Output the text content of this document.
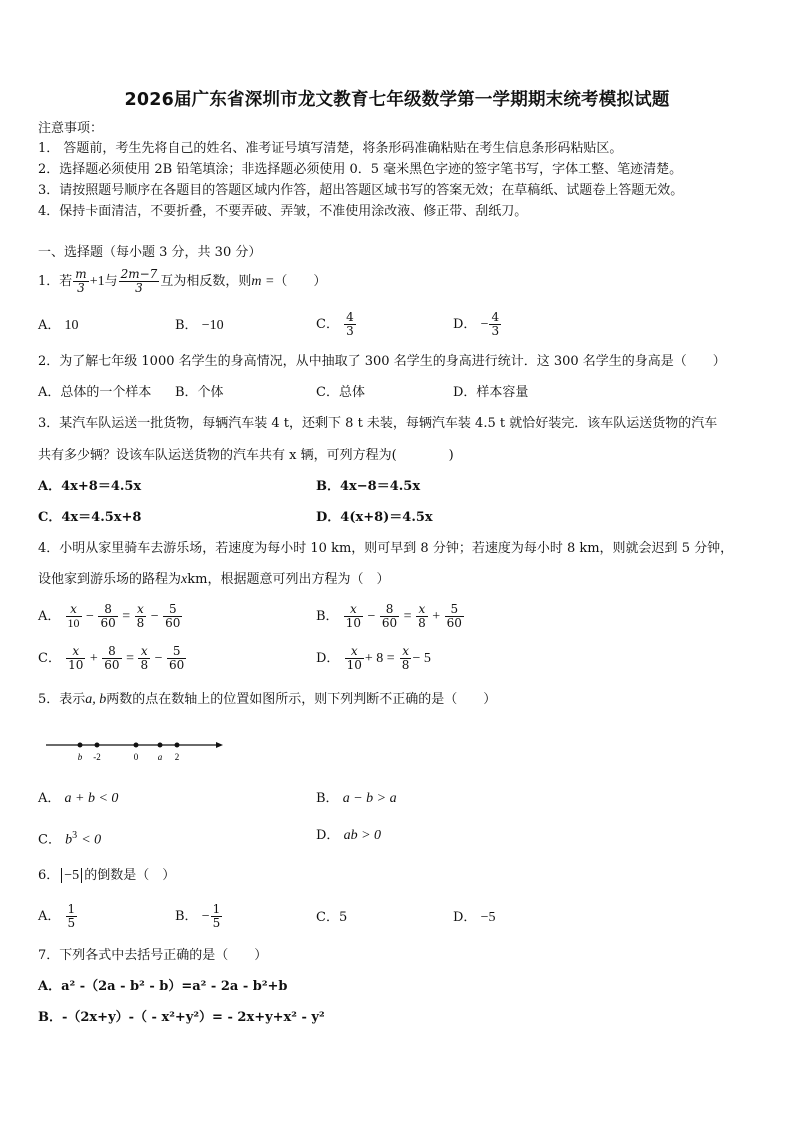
2026届广东省深圳市龙文教育七年级数学第一学期期末统考模拟试题
注意事项：
1． 答题前，考生先将自己的姓名、准考证号填写清楚，将条形码准确粘贴在考生信息条形码粘贴区。
2．选择题必须使用 2B 铅笔填涂；非选择题必须使用 0．5 毫米黑色字迹的签字笔书写，字体工整、笔迹清楚。
3．请按照题号顺序在各题目的答题区域内作答，超出答题区域书写的答案无效；在草稿纸、试题卷上答题无效。
4．保持卡面清洁，不要折叠，不要弄破、弄皱，不准使用涂改液、修正带、刮纸刀。
一、选择题（每小题 3 分，共 30 分）
1．若 $\frac{m}{3} +1$与 $\frac{2m-7}{3}$ 互为相反数，则m =（　　）
A． 10	B． −10	C． $\frac{4}{3}$	D． − $\frac{4}{3}$
2．为了解七年级 1000 名学生的身高情况，从中抽取了 300 名学生的身高进行统计．这 300 名学生的身高是（　　）
A．总体的一个样本 B．个体	C．总体	D．样本容量
3．某汽车队运送一批货物，每辆汽车装 4 t，还剩下 8 t 未装，每辆汽车装 4.5 t 就恰好装完．该车队运送货物的汽车
共有多少辆？设该车队运送货物的汽车共有 x 辆，可列方程为(　　　　)
A．4x+8＝4.5x	B．4x−8＝4.5x
C．4x＝4.5x+8	D．4(x+8)＝4.5x
4．小明从家里骑车去游乐场，若速度为每小时 10 km，则可早到 8 分钟；若速度为每小时 8 km，则就会迟到 5 分钟，
设他家到游乐场的路程为xkm，根据题意可列出方程为（　）
A． $\frac{x}{10} - \frac{8}{60} = \frac{x}{8} - \frac{5}{60}$	B． $\frac{x}{10} - \frac{8}{60} = \frac{x}{8} + \frac{5}{60}$
C． $\frac{x}{10} + \frac{8}{60} = \frac{x}{8} - \frac{5}{60}$	D． $\frac{x}{10} + 8 = \frac{x}{8} - 5$
5．表示a, b两数的点在数轴上的位置如图所示，则下列判断不正确的是（　　）
b -2	0 a 2
A． a + b < 0	B． a − b > a
C． $b^3 < 0$	D． ab > 0
6． −5 的倒数是（　）
A． $\frac{1}{5}$	B． − $\frac{1}{5}$	C．5	D． −5
7．下列各式中去括号正确的是（　　）
A．a² -（2a - b² - b）=a² - 2a - b²+b
B．-（2x+y）-（ - x²+y²）= - 2x+y+x² - y²
